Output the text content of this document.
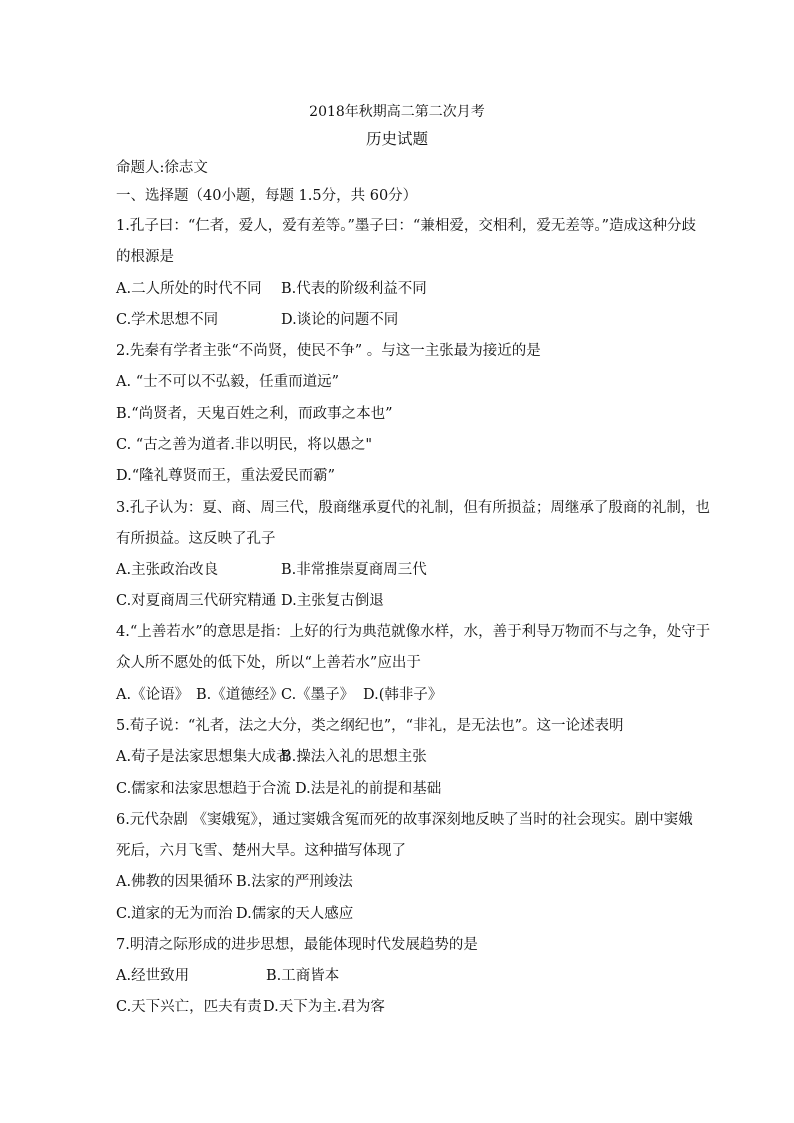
2018年秋期高二第二次月考
历史试题
命题人:徐志文
一、选择题（40小题，每题 1.5分，共 60分）
1.孔子曰：“仁者，爱人，爱有差等。”墨子曰：“兼相爱，交相利，爱无差等。”造成这种分歧
的根源是
A.二人所处的时代不同 B.代表的阶级利益不同
C.学术思想不同	D.谈论的问题不同
2.先秦有学者主张“不尚贤，使民不争” 。与这一主张最为接近的是
A. “士不可以不弘毅，任重而道远”
B.“尚贤者，天鬼百姓之利，而政事之本也”
C. “古之善为道者.非以明民，将以愚之"
D.“隆礼尊贤而王，重法爱民而霸”
3.孔子认为：夏、商、周三代，殷商继承夏代的礼制，但有所损益；周继承了殷商的礼制，也
有所损益。这反映了孔子
A.主张政治改良	B.非常推崇夏商周三代
C.对夏商周三代研究精通 D.主张复古倒退
4.“上善若水”的意思是指：上好的行为典范就像水样，水，善于利导万物而不与之争，处守于
众人所不愿处的低下处，所以“上善若水”应出于
A.《论语》 B.《道德经》
C.《墨子》 D.(韩非子》
5.荀子说：“礼者，法之大分，类之纲纪也”，“非礼，是无法也”。这一论述表明
A.荀子是法家思想集大成者
B.操法入礼的思想主张
C.儒家和法家思想趋于合流 D.法是礼的前提和基础
6.元代杂剧 《窦娥冤》，通过窦娥含冤而死的故事深刻地反映了当时的社会现实。剧中窦娥
死后，六月飞雪、楚州大旱。这种描写体现了
A.佛教的因果循环 B.法家的严刑竣法
C.道家的无为而治 D.儒家的天人感应
7.明清之际形成的进步思想，最能体现时代发展趋势的是
A.经世致用	B.工商皆本
C.天下兴亡，匹夫有责 D.天下为主.君为客
